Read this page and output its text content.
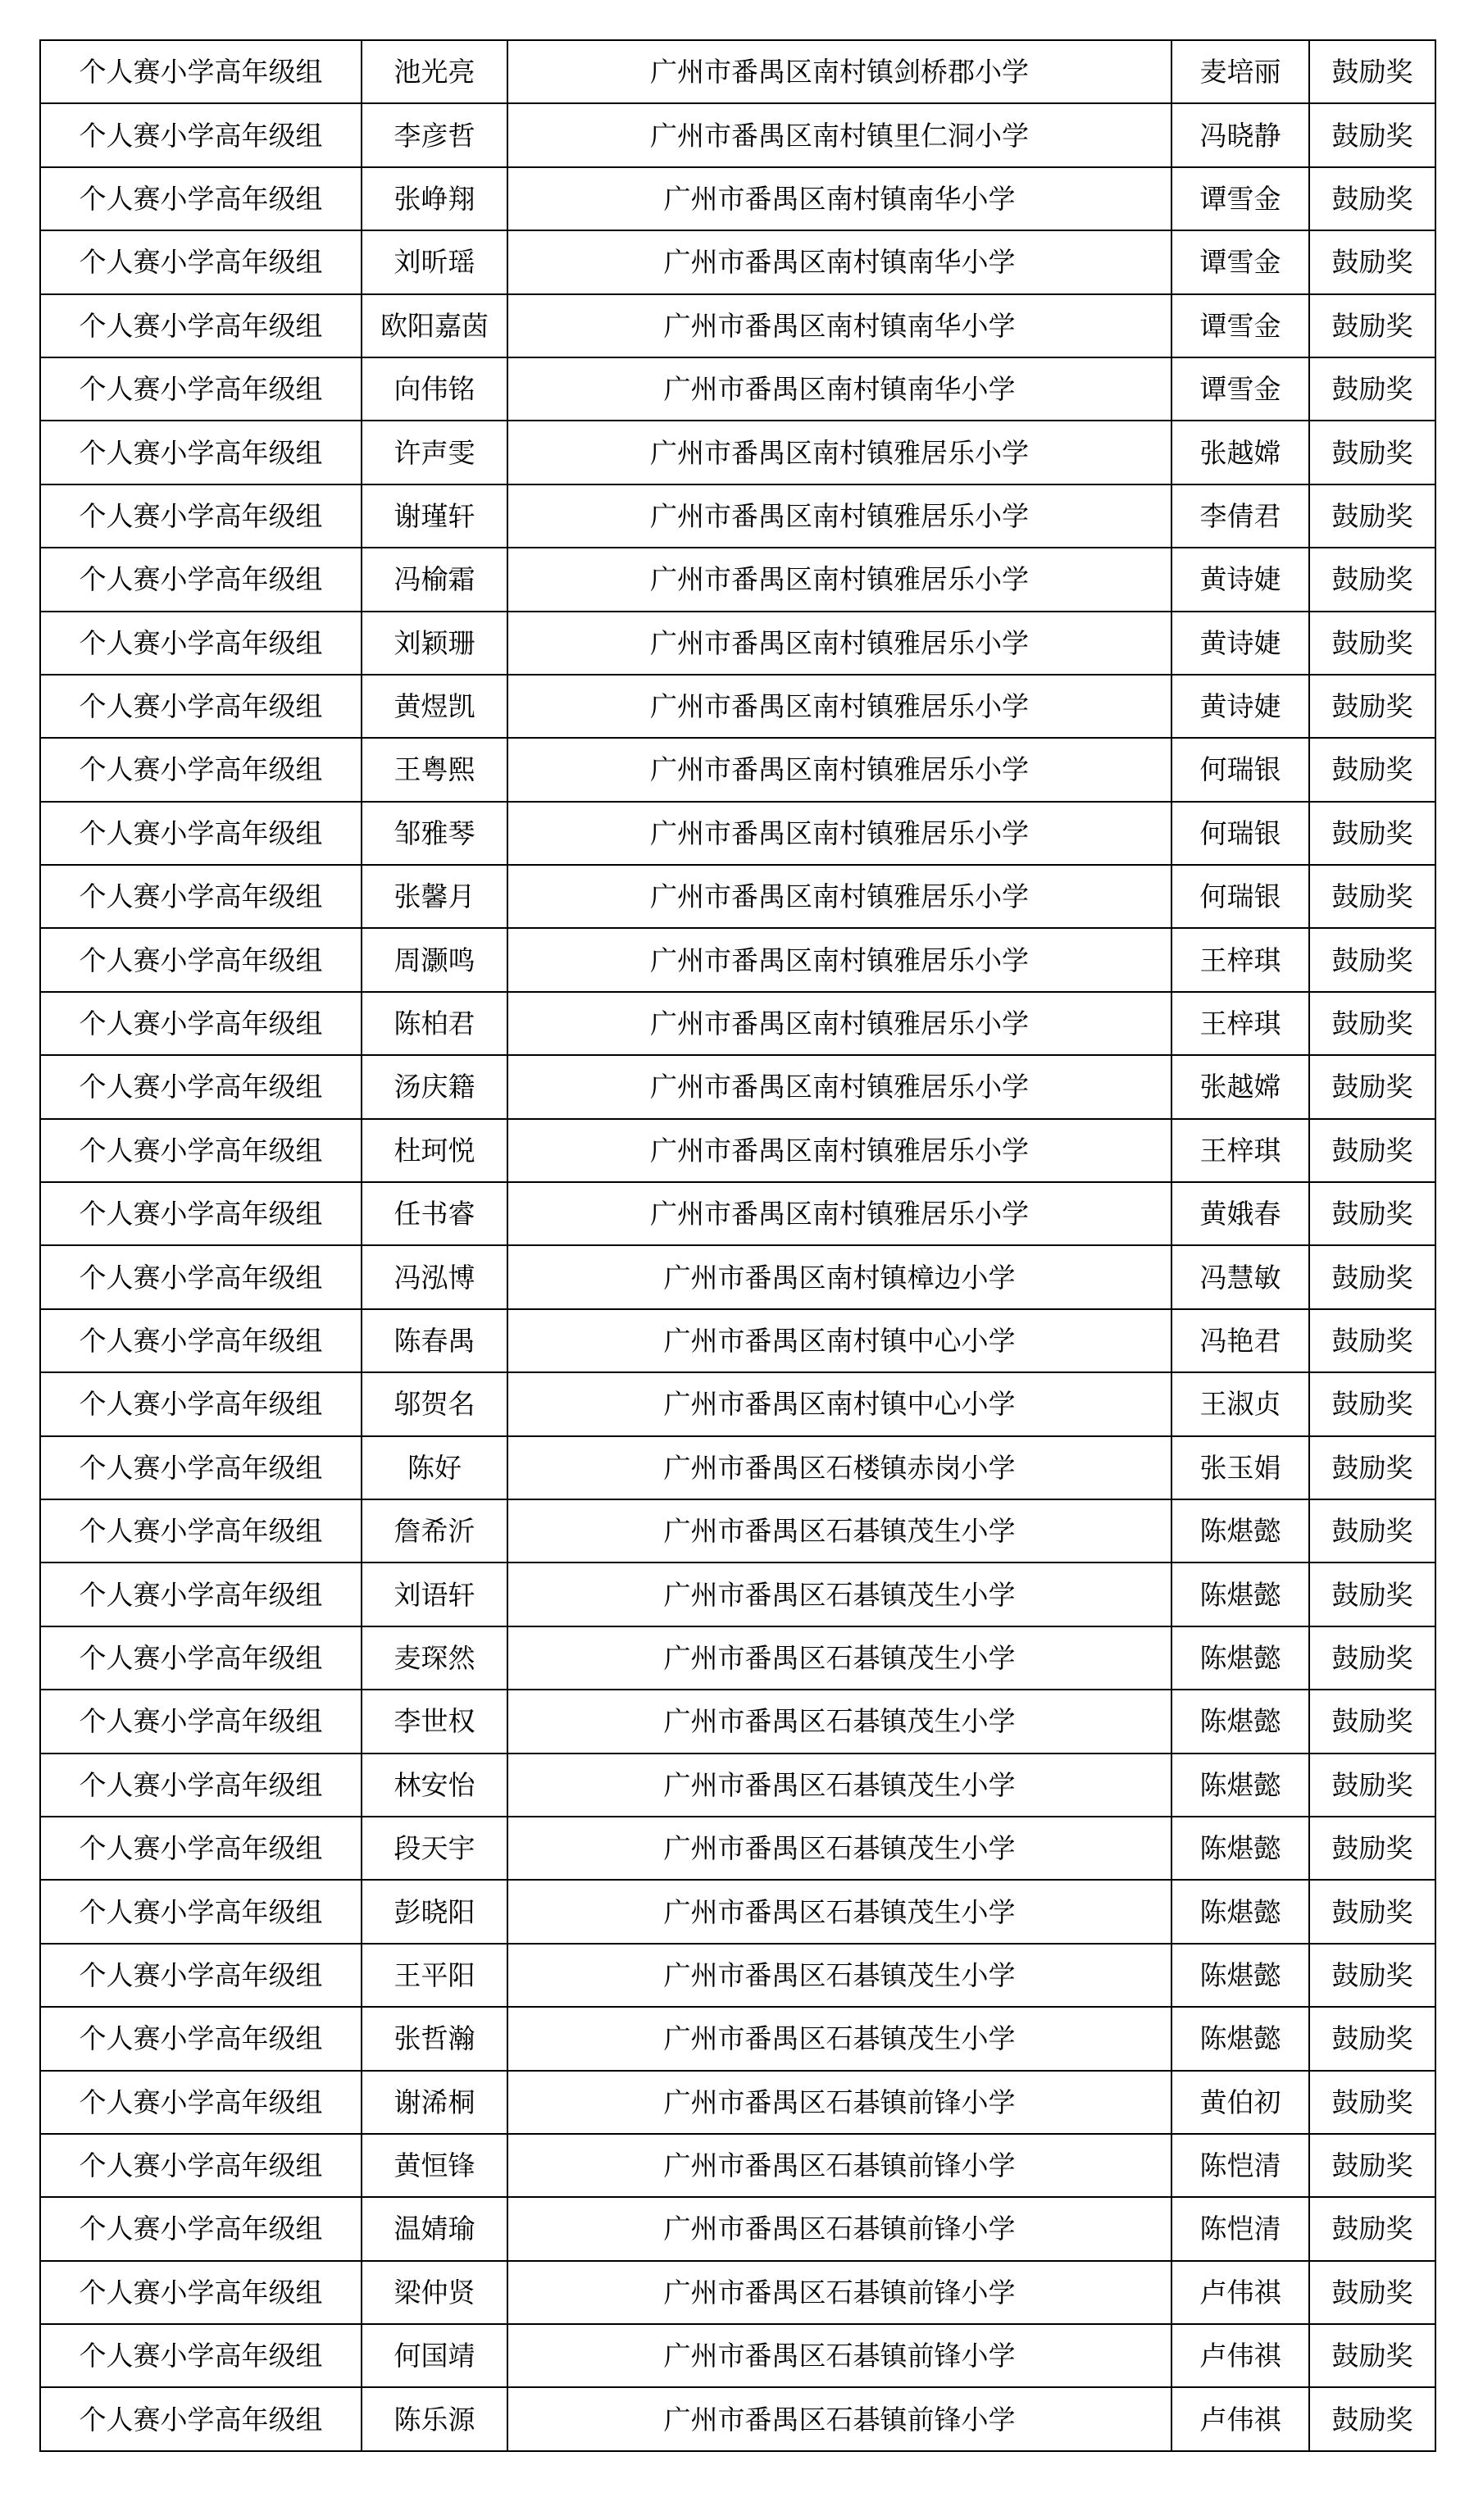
个人赛小学高年级组	池光亮	广州市番禺区南村镇剑桥郡小学	麦培丽	鼓励奖
个人赛小学高年级组	李彦哲	广州市番禺区南村镇里仁洞小学	冯晓静	鼓励奖
个人赛小学高年级组	张峥翔	广州市番禺区南村镇南华小学	谭雪金	鼓励奖
个人赛小学高年级组	刘昕瑶	广州市番禺区南村镇南华小学	谭雪金	鼓励奖
个人赛小学高年级组	欧阳嘉茵	广州市番禺区南村镇南华小学	谭雪金	鼓励奖
个人赛小学高年级组	向伟铭	广州市番禺区南村镇南华小学	谭雪金	鼓励奖
个人赛小学高年级组	许声雯	广州市番禺区南村镇雅居乐小学	张越嫦	鼓励奖
个人赛小学高年级组	谢瑾轩	广州市番禺区南村镇雅居乐小学	李倩君	鼓励奖
个人赛小学高年级组	冯榆霜	广州市番禺区南村镇雅居乐小学	黄诗婕	鼓励奖
个人赛小学高年级组	刘颖珊	广州市番禺区南村镇雅居乐小学	黄诗婕	鼓励奖
个人赛小学高年级组	黄煜凯	广州市番禺区南村镇雅居乐小学	黄诗婕	鼓励奖
个人赛小学高年级组	王粤熙	广州市番禺区南村镇雅居乐小学	何瑞银	鼓励奖
个人赛小学高年级组	邹雅琴	广州市番禺区南村镇雅居乐小学	何瑞银	鼓励奖
个人赛小学高年级组	张馨月	广州市番禺区南村镇雅居乐小学	何瑞银	鼓励奖
个人赛小学高年级组	周灏鸣	广州市番禺区南村镇雅居乐小学	王梓琪	鼓励奖
个人赛小学高年级组	陈柏君	广州市番禺区南村镇雅居乐小学	王梓琪	鼓励奖
个人赛小学高年级组	汤庆籍	广州市番禺区南村镇雅居乐小学	张越嫦	鼓励奖
个人赛小学高年级组	杜珂悦	广州市番禺区南村镇雅居乐小学	王梓琪	鼓励奖
个人赛小学高年级组	任书睿	广州市番禺区南村镇雅居乐小学	黄娥春	鼓励奖
个人赛小学高年级组	冯泓博	广州市番禺区南村镇樟边小学	冯慧敏	鼓励奖
个人赛小学高年级组	陈春禺	广州市番禺区南村镇中心小学	冯艳君	鼓励奖
个人赛小学高年级组	邬贺名	广州市番禺区南村镇中心小学	王淑贞	鼓励奖
个人赛小学高年级组	陈好	广州市番禺区石楼镇赤岗小学	张玉娟	鼓励奖
个人赛小学高年级组	詹希沂	广州市番禺区石碁镇茂生小学	陈煁懿	鼓励奖
个人赛小学高年级组	刘语轩	广州市番禺区石碁镇茂生小学	陈煁懿	鼓励奖
个人赛小学高年级组	麦琛然	广州市番禺区石碁镇茂生小学	陈煁懿	鼓励奖
个人赛小学高年级组	李世权	广州市番禺区石碁镇茂生小学	陈煁懿	鼓励奖
个人赛小学高年级组	林安怡	广州市番禺区石碁镇茂生小学	陈煁懿	鼓励奖
个人赛小学高年级组	段天宇	广州市番禺区石碁镇茂生小学	陈煁懿	鼓励奖
个人赛小学高年级组	彭晓阳	广州市番禺区石碁镇茂生小学	陈煁懿	鼓励奖
个人赛小学高年级组	王平阳	广州市番禺区石碁镇茂生小学	陈煁懿	鼓励奖
个人赛小学高年级组	张哲瀚	广州市番禺区石碁镇茂生小学	陈煁懿	鼓励奖
个人赛小学高年级组	谢浠桐	广州市番禺区石碁镇前锋小学	黄伯初	鼓励奖
个人赛小学高年级组	黄恒锋	广州市番禺区石碁镇前锋小学	陈恺清	鼓励奖
个人赛小学高年级组	温婧瑜	广州市番禺区石碁镇前锋小学	陈恺清	鼓励奖
个人赛小学高年级组	梁仲贤	广州市番禺区石碁镇前锋小学	卢伟祺	鼓励奖
个人赛小学高年级组	何国靖	广州市番禺区石碁镇前锋小学	卢伟祺	鼓励奖
个人赛小学高年级组	陈乐源	广州市番禺区石碁镇前锋小学	卢伟祺	鼓励奖
